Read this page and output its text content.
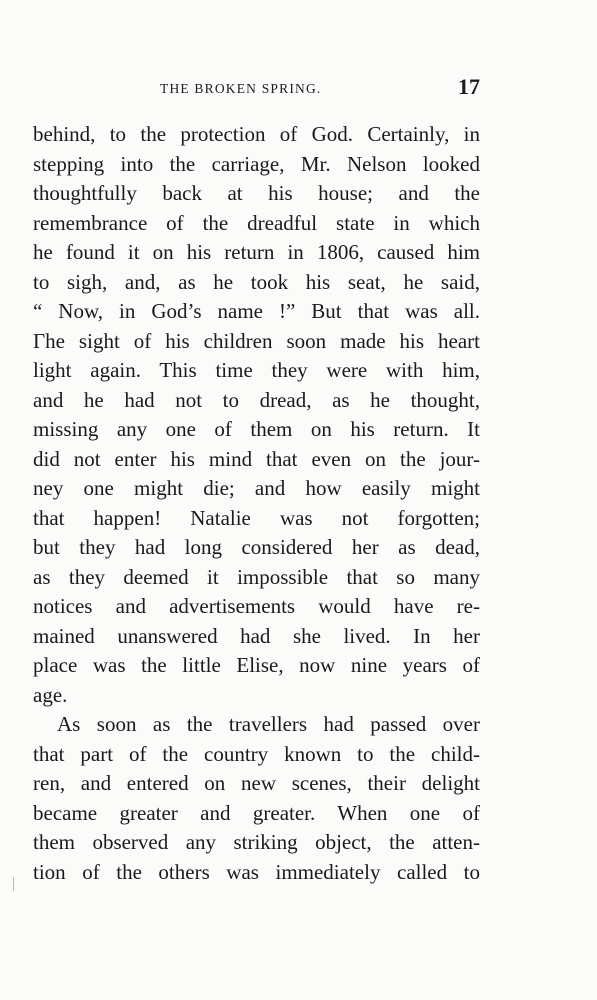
THE BROKEN SPRING.	17
behind, to the protection of God. Certainly, in
stepping into the carriage, Mr. Nelson looked
thoughtfully back at his house; and the
remembrance of the dreadful state in which
he found it on his return in 1806, caused him
to sigh, and, as he took his seat, he said,
“ Now, in God’s name !” But that was all.
Гhe sight of his children soon made his heart
light again. This time they were with him,
and he had not to dread, as he thought,
missing any one of them on his return. It
did not enter his mind that even on the jour-
ney one might die; and how easily might
that happen! Natalie was not forgotten;
but they had long considered her as dead,
as they deemed it impossible that so many
notices and advertisements would have re-
mained unanswered had she lived. In her
place was the little Elise, now nine years of
age.
As soon as the travellers had passed over
that part of the country known to the child-
ren, and entered on new scenes, their delight
became greater and greater. When one of
them observed any striking object, the atten-
tion of the others was immediately called to
